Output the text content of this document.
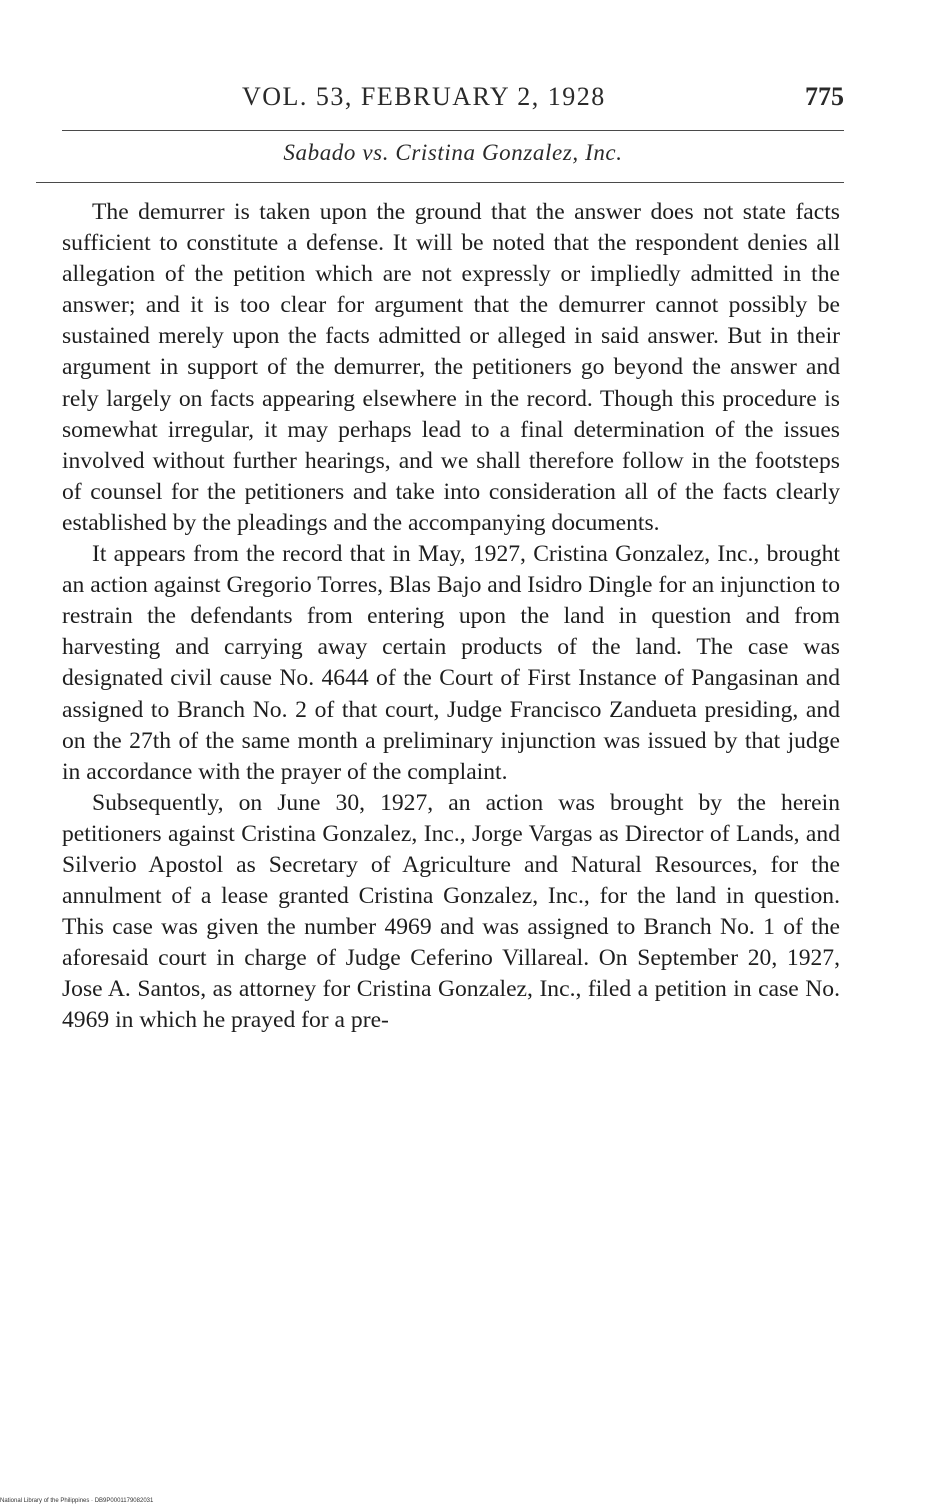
VOL. 53, FEBRUARY 2, 1928	775
Sabado vs. Cristina Gonzalez, Inc.

The demurrer is taken upon the ground that the answer does not state facts sufficient to constitute a defense. It will be noted that the respondent denies all allegation of the petition which are not expressly or impliedly admitted in the answer; and it is too clear for argument that the demurrer cannot possibly be sustained merely upon the facts admitted or alleged in said answer. But in their argument in support of the demurrer, the petitioners go beyond the answer and rely largely on facts appearing elsewhere in the record. Though this procedure is somewhat irregular, it may perhaps lead to a final determination of the issues involved without further hearings, and we shall therefore follow in the footsteps of counsel for the petitioners and take into consideration all of the facts clearly established by the pleadings and the accompanying documents.

It appears from the record that in May, 1927, Cristina Gonzalez, Inc., brought an action against Gregorio Torres, Blas Bajo and Isidro Dingle for an injunction to restrain the defendants from entering upon the land in question and from harvesting and carrying away certain products of the land. The case was designated civil cause No. 4644 of the Court of First Instance of Pangasinan and assigned to Branch No. 2 of that court, Judge Francisco Zandueta presiding, and on the 27th of the same month a preliminary injunction was issued by that judge in accordance with the prayer of the complaint.

Subsequently, on June 30, 1927, an action was brought by the herein petitioners against Cristina Gonzalez, Inc., Jorge Vargas as Director of Lands, and Silverio Apostol as Secretary of Agriculture and Natural Resources, for the annulment of a lease granted Cristina Gonzalez, Inc., for the land in question. This case was given the number 4969 and was assigned to Branch No. 1 of the aforesaid court in charge of Judge Ceferino Villareal. On September 20, 1927, Jose A. Santos, as attorney for Cristina Gonzalez, Inc., filed a petition in case No. 4969 in which he prayed for a pre-

National Library of the Philippines · DB9P0001179082031
